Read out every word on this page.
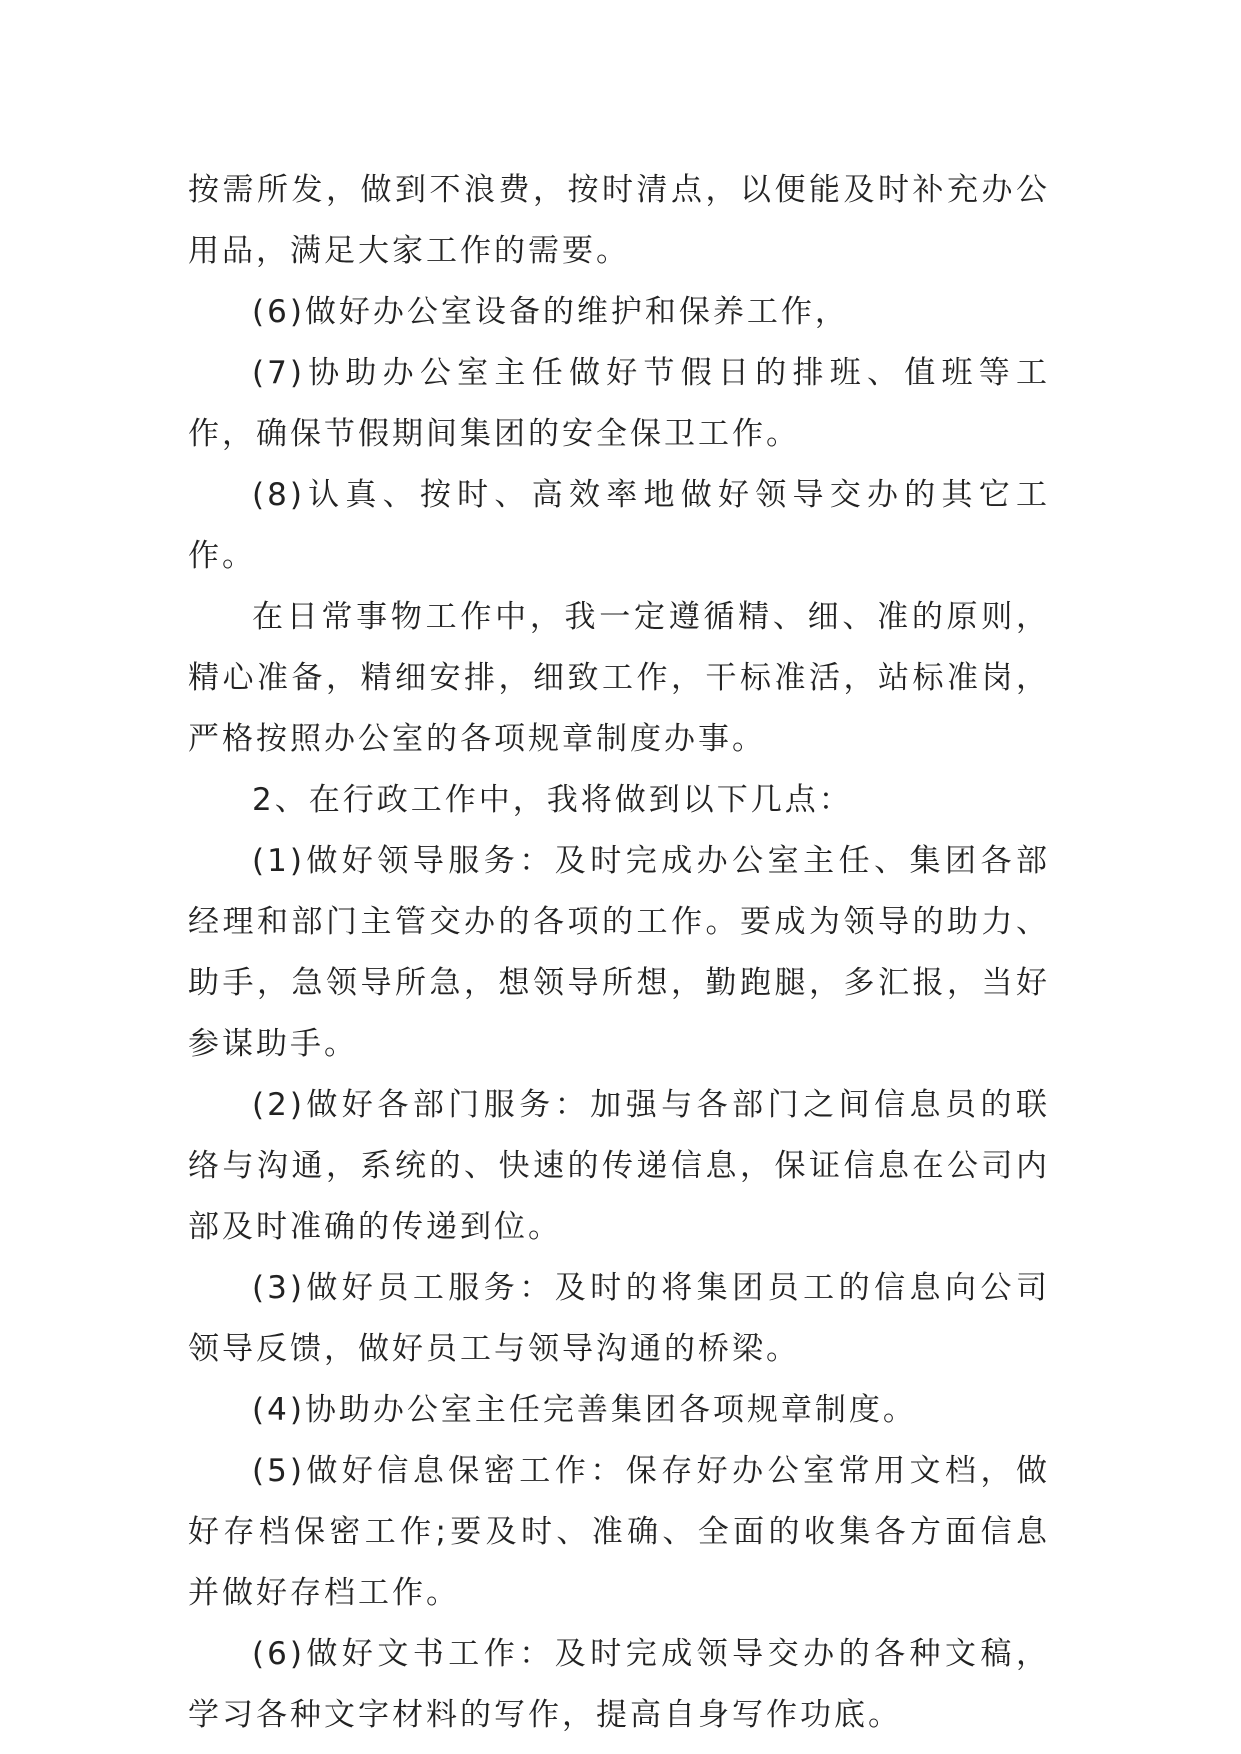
按需所发，做到不浪费，按时清点，以便能及时补充办公用品，满足大家工作的需要。

(6)做好办公室设备的维护和保养工作，

(7)协助办公室主任做好节假日的排班、值班等工作，确保节假期间集团的安全保卫工作。

(8)认真、按时、高效率地做好领导交办的其它工作。

在日常事物工作中，我一定遵循精、细、准的原则，精心准备，精细安排，细致工作，干标准活，站标准岗，严格按照办公室的各项规章制度办事。

2、在行政工作中，我将做到以下几点：

(1)做好领导服务：及时完成办公室主任、集团各部经理和部门主管交办的各项的工作。要成为领导的助力、助手，急领导所急，想领导所想，勤跑腿，多汇报，当好参谋助手。

(2)做好各部门服务：加强与各部门之间信息员的联络与沟通，系统的、快速的传递信息，保证信息在公司内部及时准确的传递到位。

(3)做好员工服务：及时的将集团员工的信息向公司领导反馈，做好员工与领导沟通的桥梁。

(4)协助办公室主任完善集团各项规章制度。

(5)做好信息保密工作：保存好办公室常用文档，做好存档保密工作;要及时、准确、全面的收集各方面信息并做好存档工作。

(6)做好文书工作：及时完成领导交办的各种文稿，学习各种文字材料的写作，提高自身写作功底。
